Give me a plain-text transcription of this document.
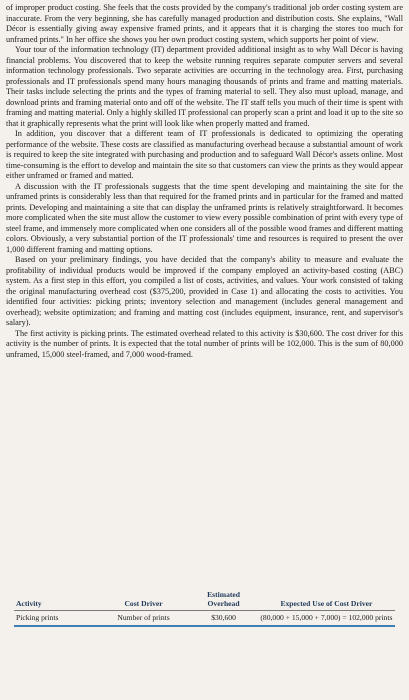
of improper product costing. She feels that the costs provided by the company's traditional job order costing system are inaccurate. From the very beginning, she has carefully managed production and distribution costs. She explains, "Wall Décor is essentially giving away expensive framed prints, and it appears that it is charging the stores too much for unframed prints." In her office she shows you her own product costing system, which supports her point of view.

Your tour of the information technology (IT) department provided additional insight as to why Wall Décor is having financial problems. You discovered that to keep the website running requires separate computer servers and several information technology professionals. Two separate activities are occurring in the technology area. First, purchasing professionals and IT professionals spend many hours managing thousands of prints and frame and matting materials. Their tasks include selecting the prints and the types of framing material to sell. They also must upload, manage, and download prints and framing material onto and off of the website. The IT staff tells you much of their time is spent with framing and matting material. Only a highly skilled IT professional can properly scan a print and load it up to the site so that it graphically represents what the print will look like when properly matted and framed.

In addition, you discover that a different team of IT professionals is dedicated to optimizing the operating performance of the website. These costs are classified as manufacturing overhead because a substantial amount of work is required to keep the site integrated with purchasing and production and to safeguard Wall Décor's assets online. Most time-consuming is the effort to develop and maintain the site so that customers can view the prints as they would appear either unframed or framed and matted.

A discussion with the IT professionals suggests that the time spent developing and maintaining the site for the unframed prints is considerably less than that required for the framed prints and in particular for the framed and matted prints. Developing and maintaining a site that can display the unframed prints is relatively straightforward. It becomes more complicated when the site must allow the customer to view every possible combination of print with every type of steel frame, and immensely more complicated when one considers all of the possible wood frames and different matting colors. Obviously, a very substantial portion of the IT professionals' time and resources is required to present the over 1,000 different framing and matting options.

Based on your preliminary findings, you have decided that the company's ability to measure and evaluate the profitability of individual products would be improved if the company employed an activity-based costing (ABC) system. As a first step in this effort, you compiled a list of costs, activities, and values. Your work consisted of taking the original manufacturing overhead cost ($375,200, provided in Case 1) and allocating the costs to activities. You identified four activities: picking prints; inventory selection and management (includes general management and overhead); website optimization; and framing and matting cost (includes equipment, insurance, rent, and supervisor's salary).

The first activity is picking prints. The estimated overhead related to this activity is $30,600. The cost driver for this activity is the number of prints. It is expected that the total number of prints will be 102,000. This is the sum of 80,000 unframed, 15,000 steel-framed, and 7,000 wood-framed.

Activity	Cost Driver	Estimated Overhead	Expected Use of Cost Driver
Picking prints	Number of prints	$30,600	(80,000 + 15,000 + 7,000) = 102,000 prints
